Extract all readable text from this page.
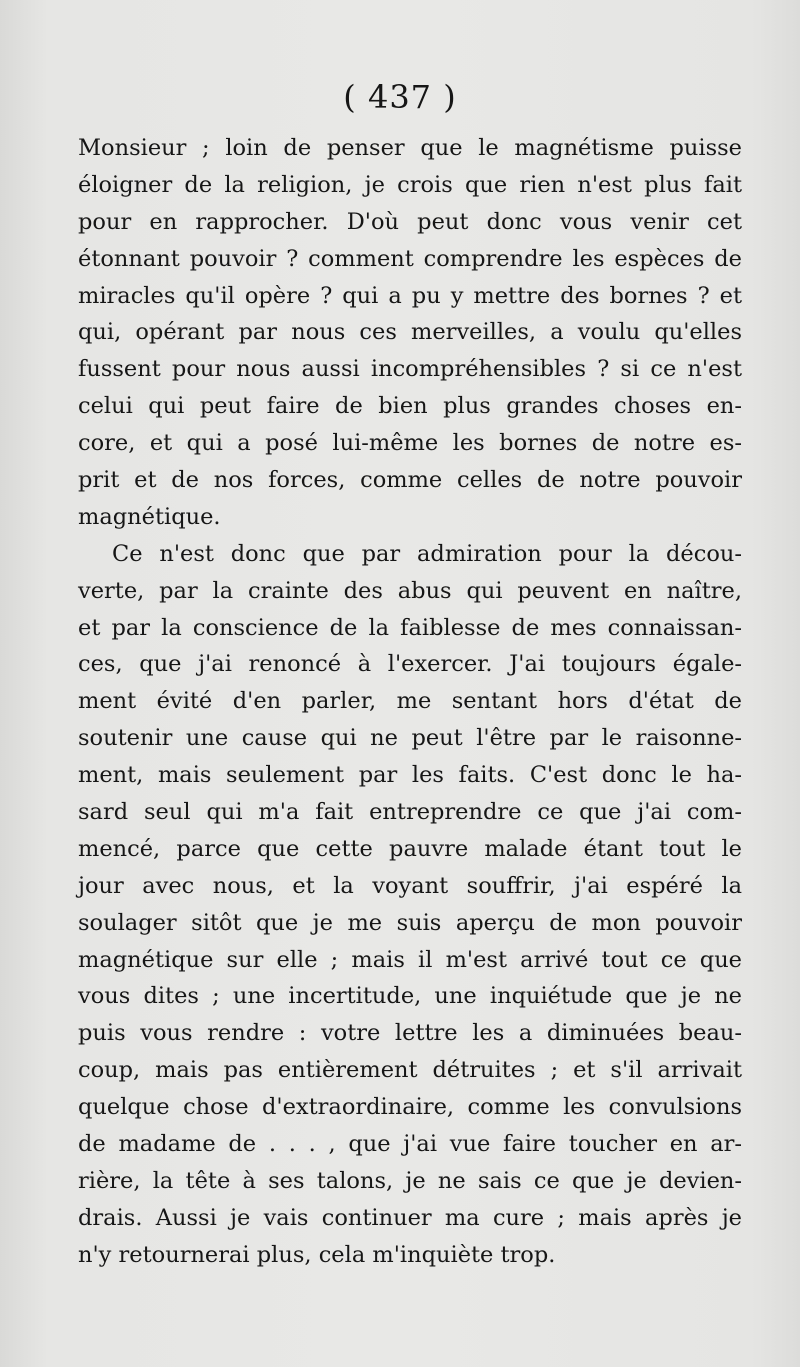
( 437 )
Monsieur ; loin de penser que le magnétisme puisse
éloigner de la religion, je crois que rien n'est plus fait
pour en rapprocher. D'où peut donc vous venir cet
étonnant pouvoir ? comment comprendre les espèces de
miracles qu'il opère ? qui a pu y mettre des bornes ? et
qui, opérant par nous ces merveilles, a voulu qu'elles
fussent pour nous aussi incompréhensibles ? si ce n'est
celui qui peut faire de bien plus grandes choses en-
core, et qui a posé lui-même les bornes de notre es-
prit et de nos forces, comme celles de notre pouvoir
magnétique.
Ce n'est donc que par admiration pour la décou-
verte, par la crainte des abus qui peuvent en naître,
et par la conscience de la faiblesse de mes connaissan-
ces, que j'ai renoncé à l'exercer. J'ai toujours égale-
ment évité d'en parler, me sentant hors d'état de
soutenir une cause qui ne peut l'être par le raisonne-
ment, mais seulement par les faits. C'est donc le ha-
sard seul qui m'a fait entreprendre ce que j'ai com-
mencé, parce que cette pauvre malade étant tout le
jour avec nous, et la voyant souffrir, j'ai espéré la
soulager sitôt que je me suis aperçu de mon pouvoir
magnétique sur elle ; mais il m'est arrivé tout ce que
vous dites ; une incertitude, une inquiétude que je ne
puis vous rendre : votre lettre les a diminuées beau-
coup, mais pas entièrement détruites ; et s'il arrivait
quelque chose d'extraordinaire, comme les convulsions
de madame de . . . , que j'ai vue faire toucher en ar-
rière, la tête à ses talons, je ne sais ce que je devien-
drais. Aussi je vais continuer ma cure ; mais après je
n'y retournerai plus, cela m'inquiète trop.
